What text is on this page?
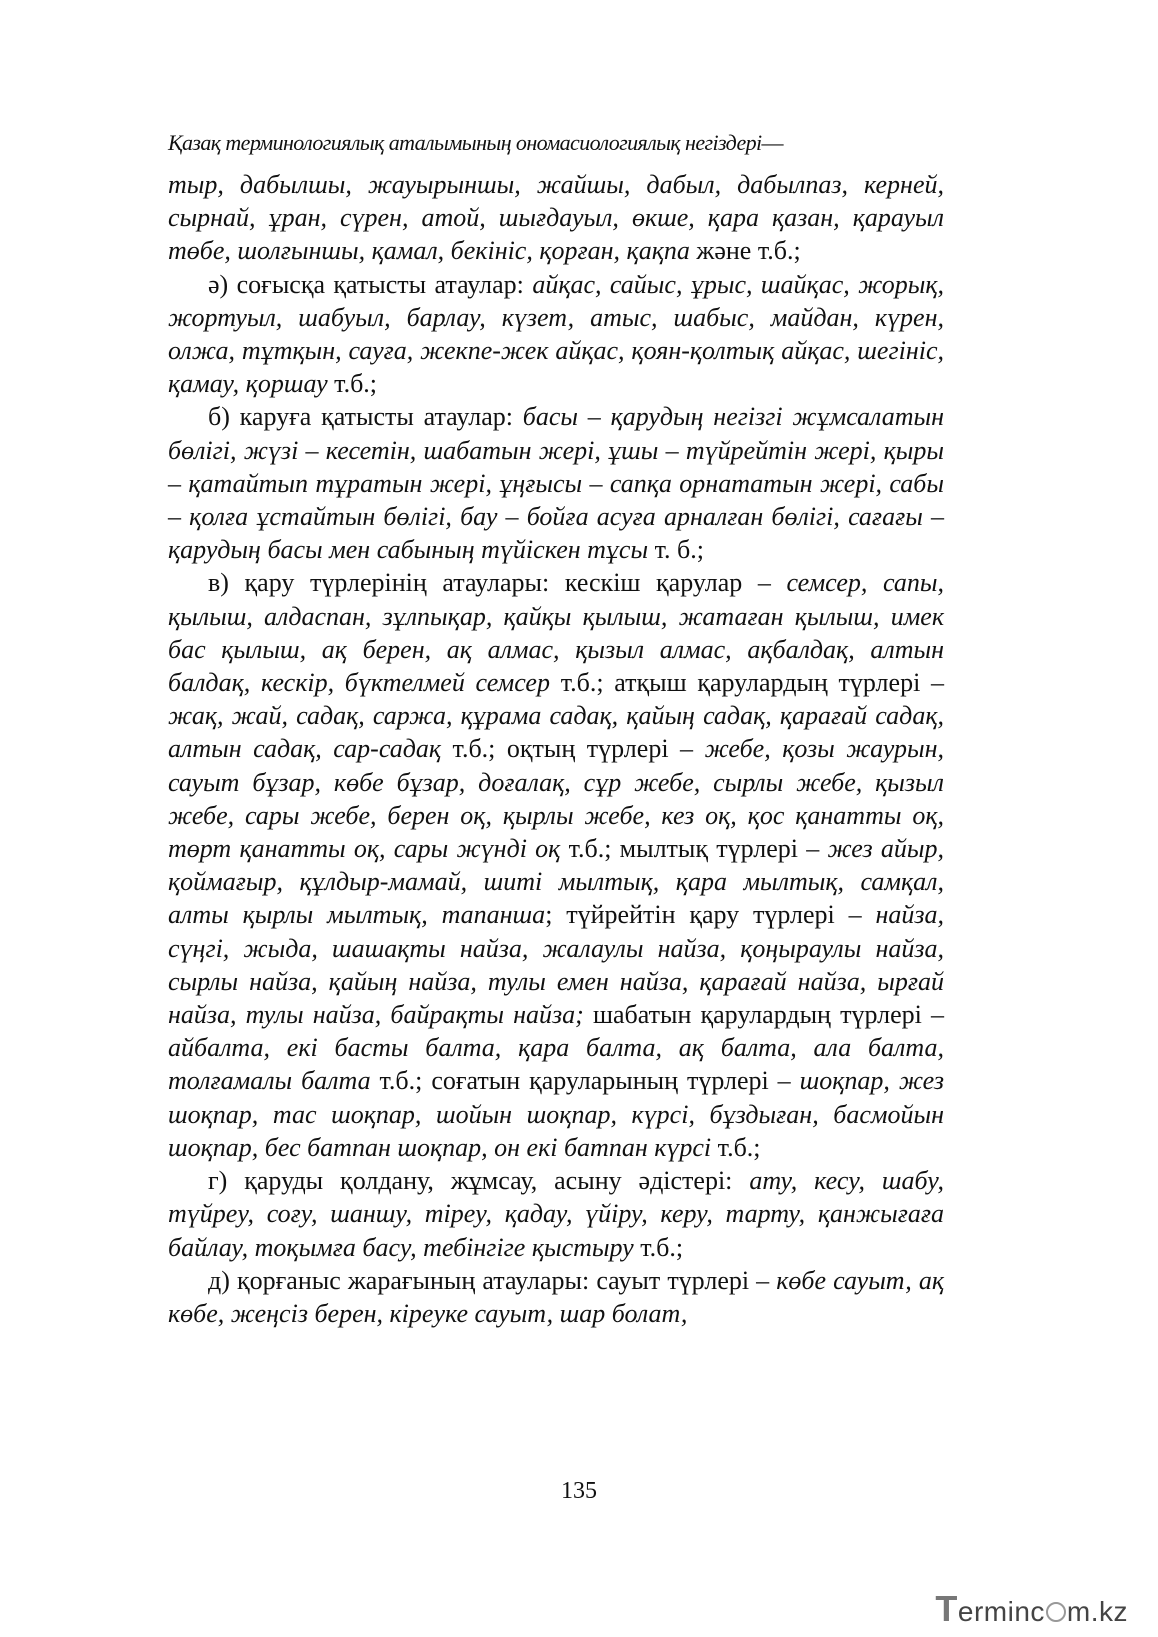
Қазақ терминологиялық аталымының ономасиологиялық негіздері—

тыр, дабылшы, жауырыншы, жайшы, дабыл, дабылпаз, керней, сырнай, ұран, сүрен, атой, шығдауыл, өкше, қара қазан, қарауыл төбе, шолғыншы, қамал, бекініс, қорған, қақпа және т.б.;

ә) соғысқа қатысты атаулар: айқас, сайыс, ұрыс, шайқас, жорық, жортуыл, шабуыл, барлау, күзет, атыс, шабыс, майдан, күрен, олжа, тұтқын, сауға, жекпе-жек айқас, қоян-қолтық айқас, шегініс, қамау, қоршау т.б.;

б) каруға қатысты атаулар: басы – қарудың негізгі жұмсалатын бөлігі, жүзі – кесетін, шабатын жері, ұшы – түйрейтін жері, қыры – қатайтып тұратын жері, ұңғысы – сапқа орнататын жері, сабы – қолға ұстайтын бөлігі, бау – бойға асуға арналған бөлігі, сағағы – қарудың басы мен сабының түйіскен тұсы т. б.;

в) қару түрлерінің атаулары: кескіш қарулар – семсер, сапы, қылыш, алдаспан, зұлпықар, қайқы қылыш, жатаған қылыш, имек бас қылыш, ақ берен, ақ алмас, қызыл алмас, ақбалдақ, алтын балдақ, кескір, бүктелмей семсер т.б.; атқыш қарулардың түрлері – жақ, жай, садақ, саржа, құрама садақ, қайың садақ, қарағай садақ, алтын садақ, сар-садақ т.б.; оқтың түрлері – жебе, қозы жаурын, сауыт бұзар, көбе бұзар, доғалақ, сұр жебе, сырлы жебе, қызыл жебе, сары жебе, берен оқ, қырлы жебе, кез оқ, қос қанатты оқ, төрт қанатты оқ, сары жүнді оқ т.б.; мылтық түрлері – жез айыр, қоймағыр, құлдыр-мамай, шиті мылтық, қара мылтық, самқал, алты қырлы мылтық, тапанша; түйрейтін қару түрлері – найза, сүңгі, жыда, шашақты найза, жалаулы найза, қоңыраулы найза, сырлы найза, қайың найза, тулы емен найза, қарағай найза, ырғай найза, тулы найза, байрақты найза; шабатын қарулардың түрлері – айбалта, екі басты балта, қара балта, ақ балта, ала балта, толғамалы балта т.б.; соғатын қаруларының түрлері – шоқпар, жез шоқпар, тас шоқпар, шойын шоқпар, күрсі, бұздыған, басмойын шоқпар, бес батпан шоқпар, он екі батпан күрсі т.б.;

г) қаруды қолдану, жұмсау, асыну әдістері: ату, кесу, шабу, түйреу, соғу, шаншу, тіреу, қадау, үйіру, керу, тарту, қанжығаға байлау, тоқымға басу, тебінгіге қыстыру т.б.;

д) қорғаныс жарағының атаулары: сауыт түрлері – көбе сауыт, ақ көбе, жеңсіз берен, кіреуке сауыт, шар болат,

135
Terminc m.kz
